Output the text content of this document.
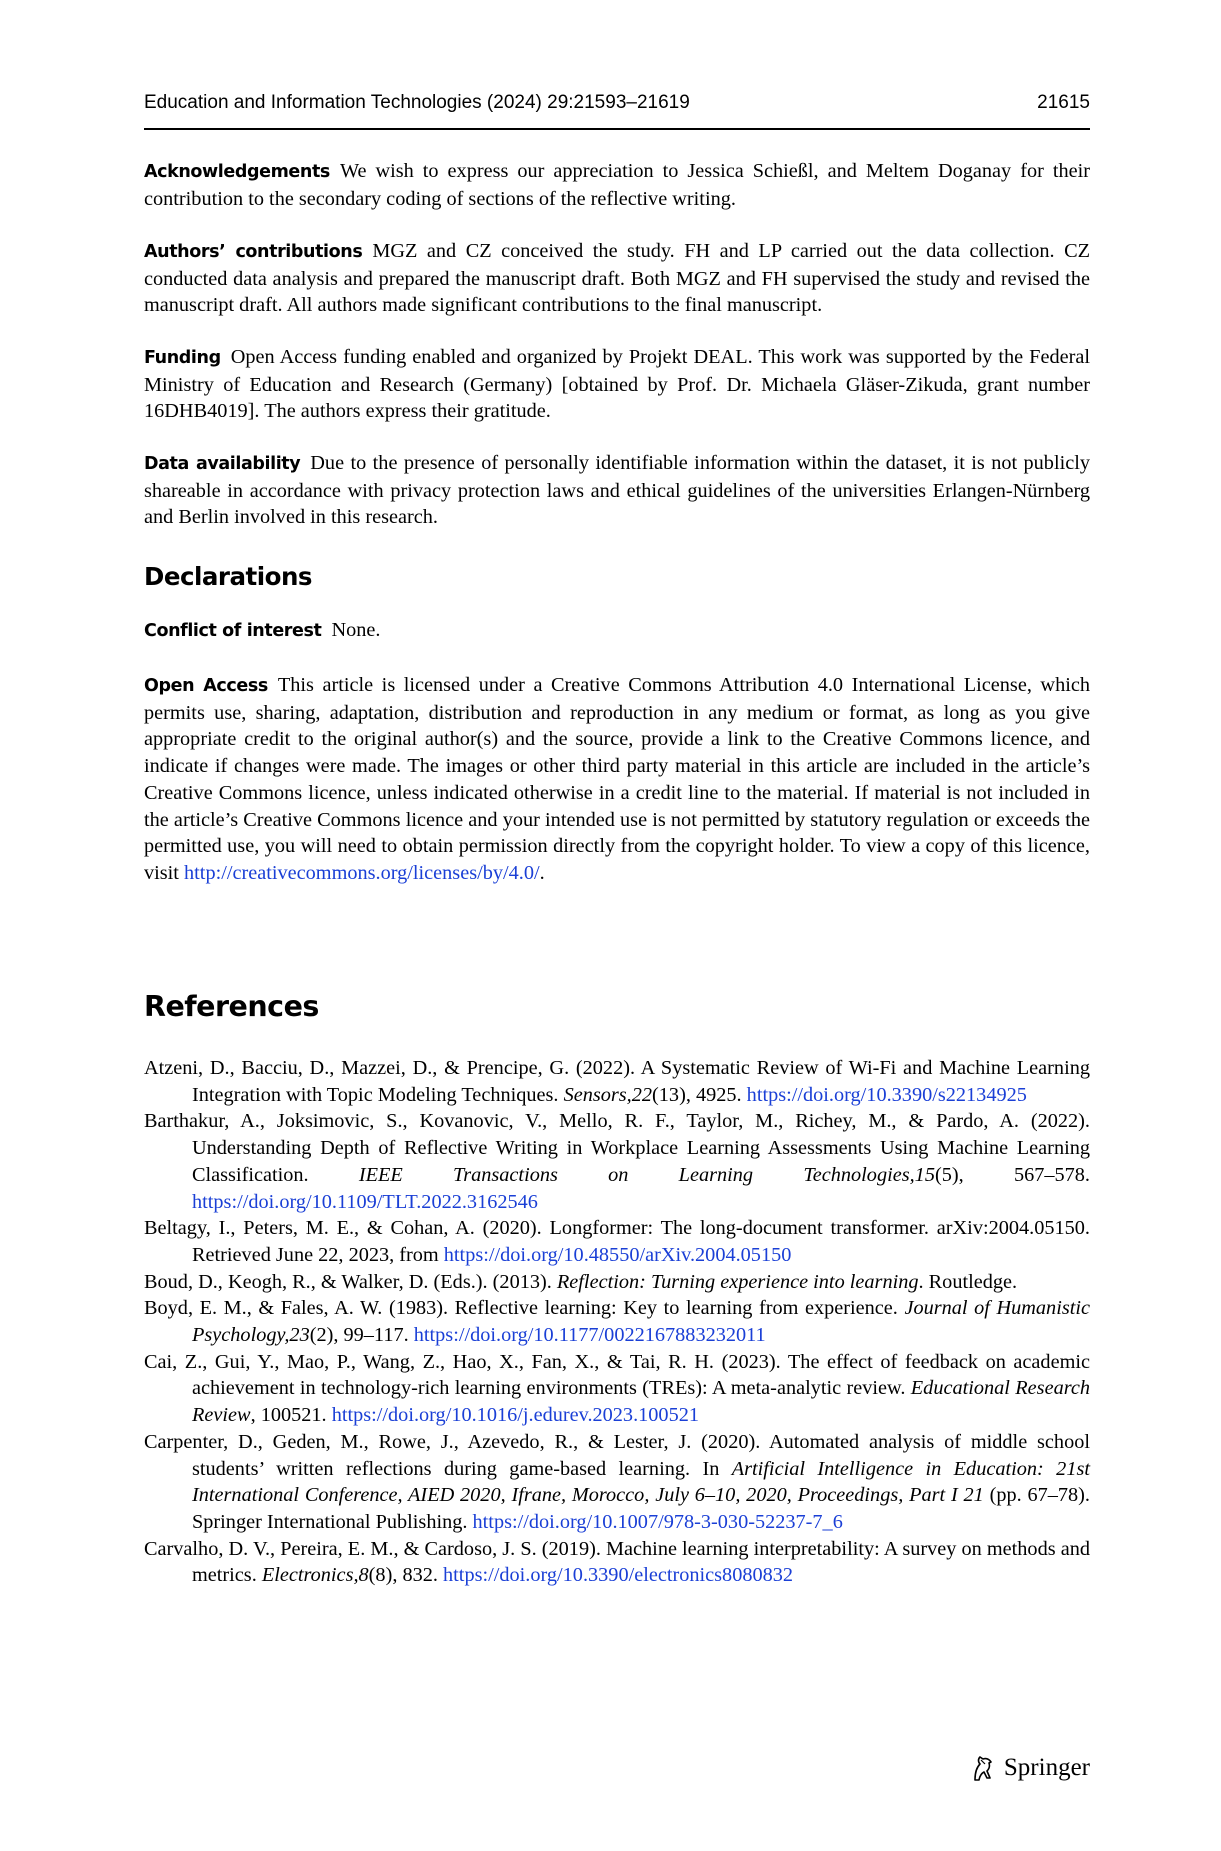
Education and Information Technologies (2024) 29:21593–21619	21615

Acknowledgements We wish to express our appreciation to Jessica Schießl, and Meltem Doganay for their contribution to the secondary coding of sections of the reflective writing.

Authors’ contributions MGZ and CZ conceived the study. FH and LP carried out the data collection. CZ conducted data analysis and prepared the manuscript draft. Both MGZ and FH supervised the study and revised the manuscript draft. All authors made significant contributions to the final manuscript.

Funding Open Access funding enabled and organized by Projekt DEAL. This work was supported by the Federal Ministry of Education and Research (Germany) [obtained by Prof. Dr. Michaela Gläser-Zikuda, grant number 16DHB4019]. The authors express their gratitude.

Data availability Due to the presence of personally identifiable information within the dataset, it is not publicly shareable in accordance with privacy protection laws and ethical guidelines of the universities Erlangen-Nürnberg and Berlin involved in this research.

Declarations

Conflict of interest None.

Open Access This article is licensed under a Creative Commons Attribution 4.0 International License, which permits use, sharing, adaptation, distribution and reproduction in any medium or format, as long as you give appropriate credit to the original author(s) and the source, provide a link to the Creative Commons licence, and indicate if changes were made. The images or other third party material in this article are included in the article’s Creative Commons licence, unless indicated otherwise in a credit line to the material. If material is not included in the article’s Creative Commons licence and your intended use is not permitted by statutory regulation or exceeds the permitted use, you will need to obtain permission directly from the copyright holder. To view a copy of this licence, visit http://creativecommons.org/licenses/by/4.0/.

References
Atzeni, D., Bacciu, D., Mazzei, D., & Prencipe, G. (2022). A Systematic Review of Wi-Fi and Machine Learning Integration with Topic Modeling Techniques. Sensors,22(13), 4925. https://doi.org/10.3390/s22134925
Barthakur, A., Joksimovic, S., Kovanovic, V., Mello, R. F., Taylor, M., Richey, M., & Pardo, A. (2022). Understanding Depth of Reflective Writing in Workplace Learning Assessments Using Machine Learning Classification. IEEE Transactions on Learning Technologies,15(5), 567–578. https://doi.org/10.1109/TLT.2022.3162546
Beltagy, I., Peters, M. E., & Cohan, A. (2020). Longformer: The long-document transformer. arXiv:2004.05150. Retrieved June 22, 2023, from https://doi.org/10.48550/arXiv.2004.05150
Boud, D., Keogh, R., & Walker, D. (Eds.). (2013). Reflection: Turning experience into learning. Routledge.
Boyd, E. M., & Fales, A. W. (1983). Reflective learning: Key to learning from experience. Journal of Humanistic Psychology,23(2), 99–117. https://doi.org/10.1177/0022167883232011
Cai, Z., Gui, Y., Mao, P., Wang, Z., Hao, X., Fan, X., & Tai, R. H. (2023). The effect of feedback on academic achievement in technology-rich learning environments (TREs): A meta-analytic review. Educational Research Review, 100521. https://doi.org/10.1016/j.edurev.2023.100521
Carpenter, D., Geden, M., Rowe, J., Azevedo, R., & Lester, J. (2020). Automated analysis of middle school students’ written reflections during game-based learning. In Artificial Intelligence in Education: 21st International Conference, AIED 2020, Ifrane, Morocco, July 6–10, 2020, Proceedings, Part I 21 (pp. 67–78). Springer International Publishing. https://doi.org/10.1007/978-3-030-52237-7_6
Carvalho, D. V., Pereira, E. M., & Cardoso, J. S. (2019). Machine learning interpretability: A survey on methods and metrics. Electronics,8(8), 832. https://doi.org/10.3390/electronics8080832
Springer
